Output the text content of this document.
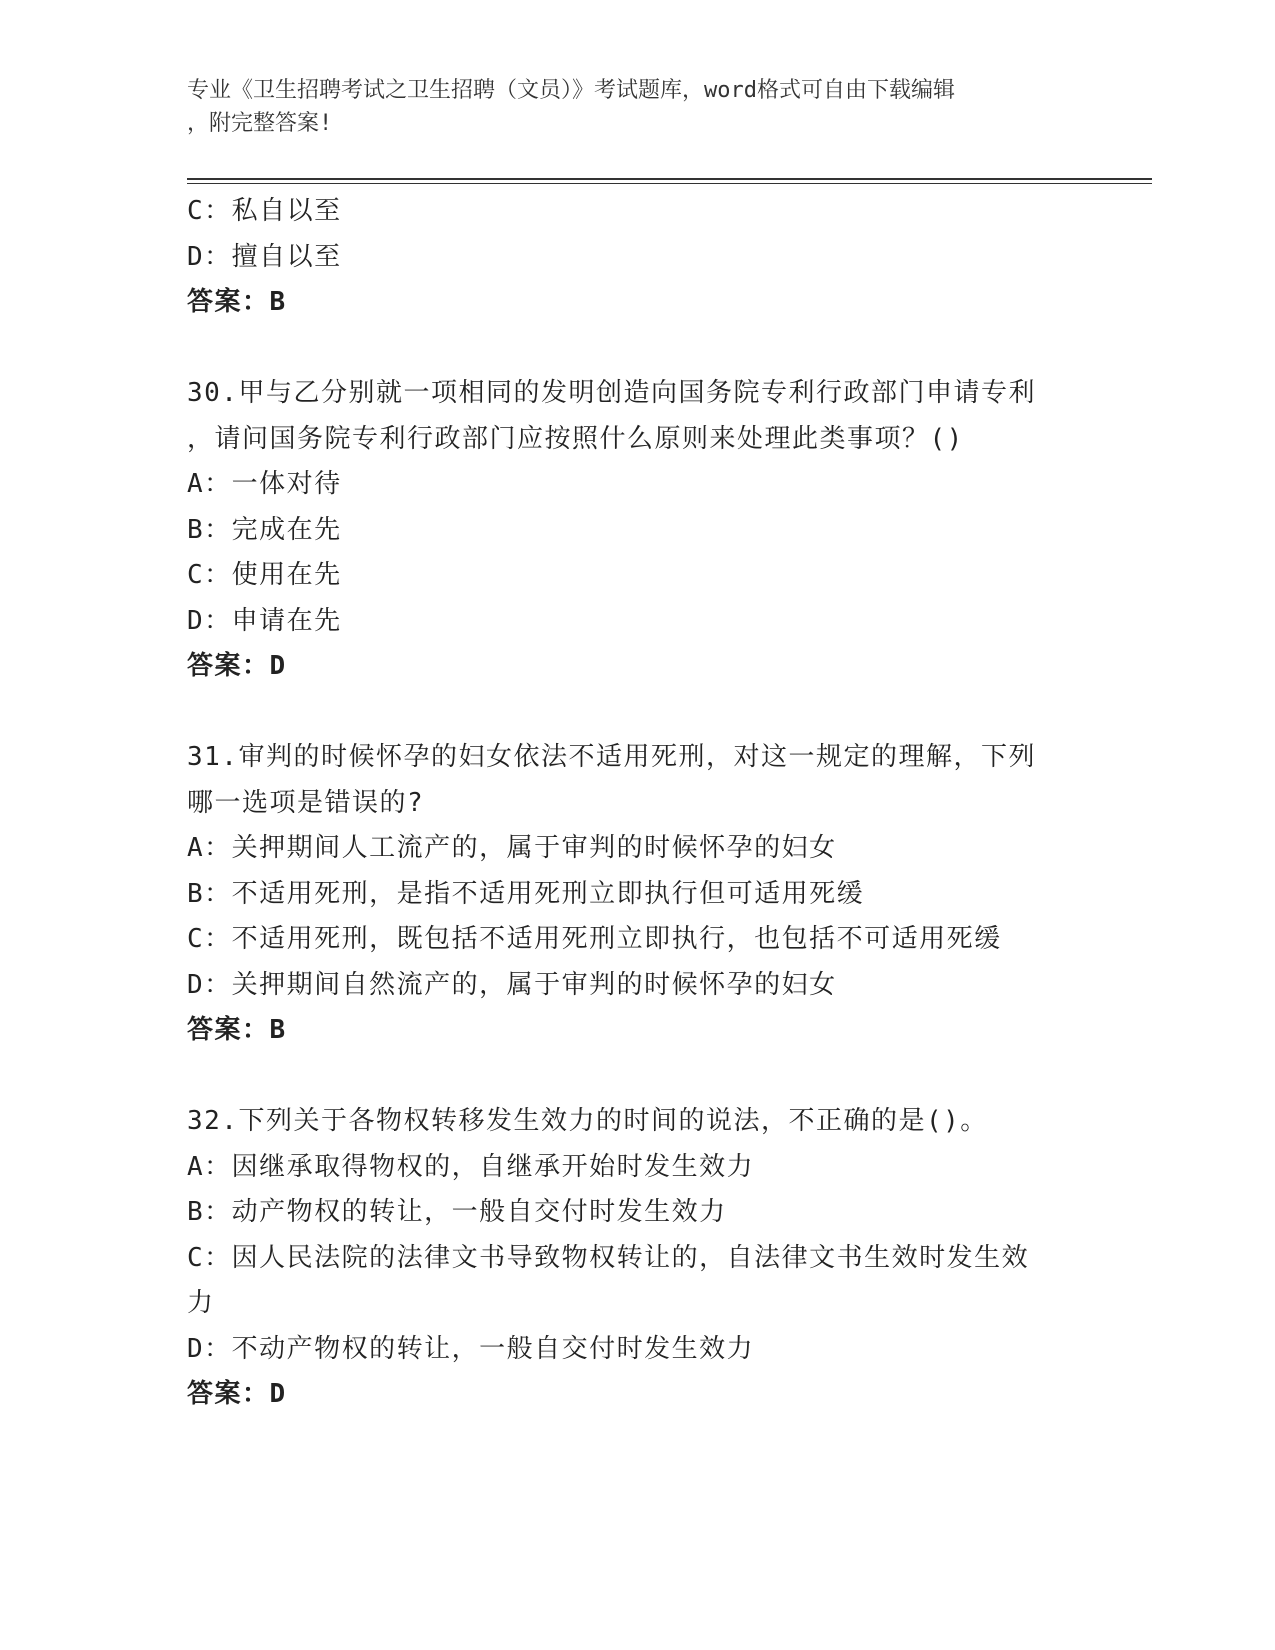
专业《卫生招聘考试之卫生招聘（文员）》考试题库，word格式可自由下载编辑
，附完整答案!
C：私自以至
D：擅自以至
答案：B
30.甲与乙分别就一项相同的发明创造向国务院专利行政部门申请专利
，请问国务院专利行政部门应按照什么原则来处理此类事项？()
A：一体对待
B：完成在先
C：使用在先
D：申请在先
答案：D
31.审判的时候怀孕的妇女依法不适用死刑，对这一规定的理解，下列
哪一选项是错误的?
A：关押期间人工流产的，属于审判的时候怀孕的妇女
B：不适用死刑，是指不适用死刑立即执行但可适用死缓
C：不适用死刑，既包括不适用死刑立即执行，也包括不可适用死缓
D：关押期间自然流产的，属于审判的时候怀孕的妇女
答案：B
32.下列关于各物权转移发生效力的时间的说法，不正确的是()。
A：因继承取得物权的，自继承开始时发生效力
B：动产物权的转让，一般自交付时发生效力
C：因人民法院的法律文书导致物权转让的，自法律文书生效时发生效
力
D：不动产物权的转让，一般自交付时发生效力
答案：D
